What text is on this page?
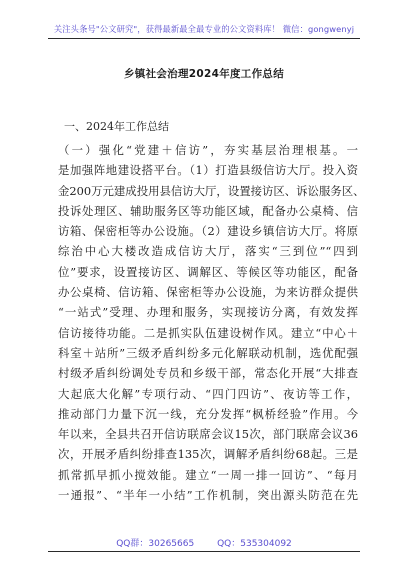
关注头条号"公文研究"，获得最新最全最专业的公文资料库！ 微信：gongwenyj
乡镇社会治理2024年度工作总结
一、2024年工作总结
（一）强化“党建＋信访”，夯实基层治理根基。一
是加强阵地建设搭平台。（1）打造县级信访大厅。投入资
金200万元建成投用县信访大厅，设置接访区、诉讼服务区、
投诉处理区、辅助服务区等功能区域，配备办公桌椅、信
访箱、保密柜等办公设施。（2）建设乡镇信访大厅。将原
综治中心大楼改造成信访大厅，落实“三到位”“四到
位”要求，设置接访区、调解区、等候区等功能区，配备
办公桌椅、信访箱、保密柜等办公设施，为来访群众提供
“一站式”受理、办理和服务，实现接访分离，有效发挥
信访接待功能。二是抓实队伍建设树作风。建立“中心＋
科室＋站所”三级矛盾纠纷多元化解联动机制，选优配强
村级矛盾纠纷调处专员和乡级干部，常态化开展“大排查
大起底大化解”专项行动、“四门四访”、夜访等工作，
推动部门力量下沉一线，充分发挥“枫桥经验”作用。今
年以来，全县共召开信访联席会议15次，部门联席会议36
次，开展矛盾纠纷排查135次，调解矛盾纠纷68起。三是
抓常抓早抓小搅效能。建立“一周一排一回访”、“每月
一通报”、“半年一小结”工作机制，突出源头防范在先
QQ群：30265665	QQ：535304092
